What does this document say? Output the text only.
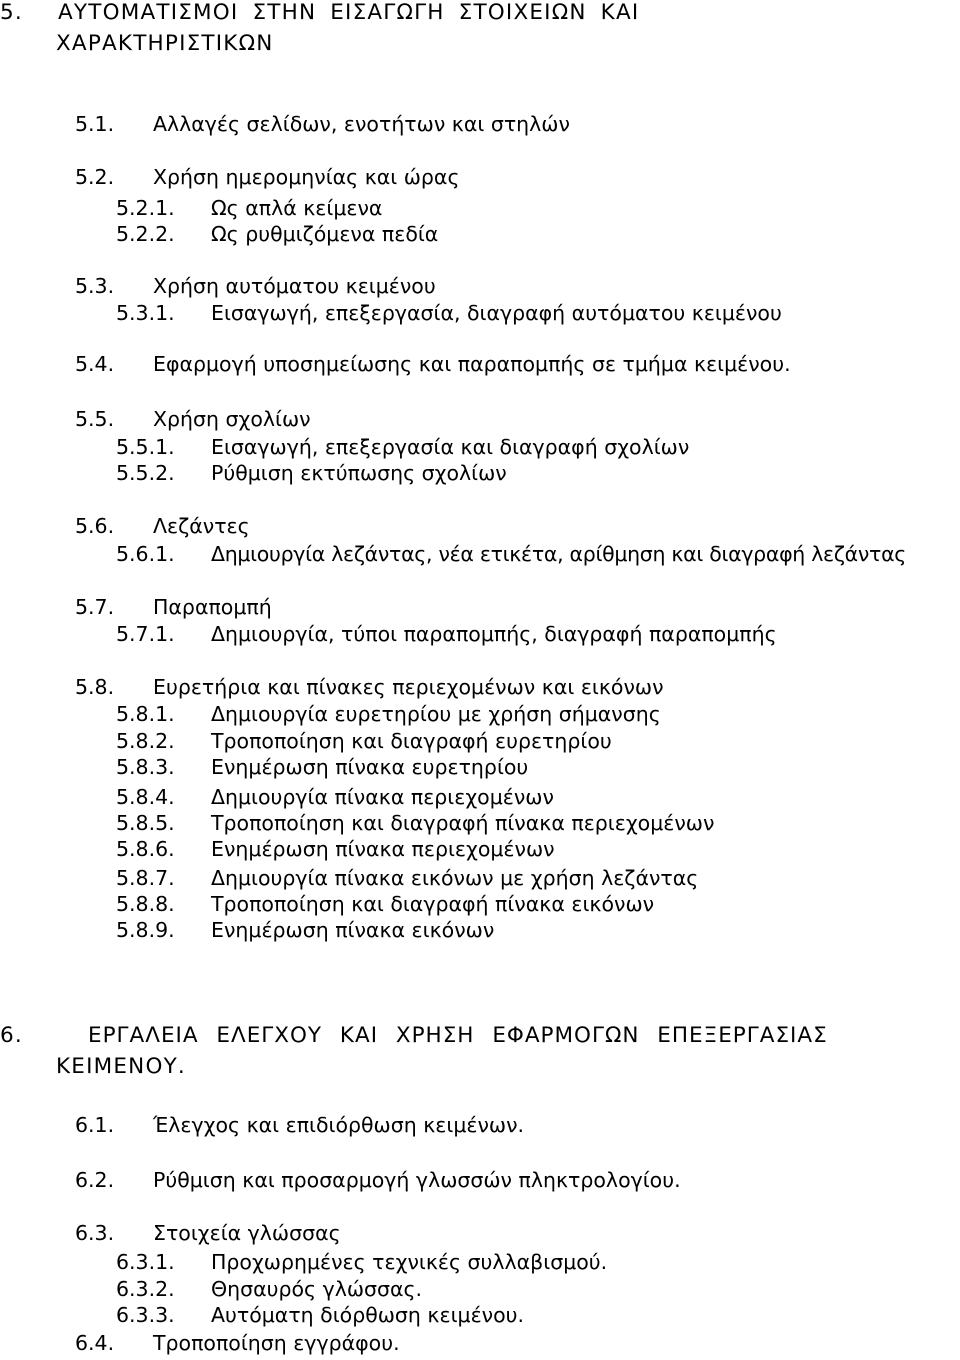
5. ΑΥΤΟΜΑΤΙΣΜΟΙ ΣΤΗΝ ΕΙΣΑΓΩΓΗ ΣΤΟΙΧΕΙΩΝ ΚΑΙ
ΧΑΡΑΚΤΗΡΙΣΤΙΚΩΝ
5.1. Αλλαγές σελίδων, ενοτήτων και στηλών
5.2. Χρήση ημερομηνίας και ώρας
5.2.1. Ως απλά κείμενα
5.2.2. Ως ρυθμιζόμενα πεδία
5.3. Χρήση αυτόματου κειμένου
5.3.1. Εισαγωγή, επεξεργασία, διαγραφή αυτόματου κειμένου
5.4. Εφαρμογή υποσημείωσης και παραπομπής σε τμήμα κειμένου.
5.5. Χρήση σχολίων
5.5.1. Εισαγωγή, επεξεργασία και διαγραφή σχολίων
5.5.2. Ρύθμιση εκτύπωσης σχολίων
5.6. Λεζάντες
5.6.1. Δημιουργία λεζάντας, νέα ετικέτα, αρίθμηση και διαγραφή λεζάντας
5.7. Παραπομπή
5.7.1. Δημιουργία, τύποι παραπομπής, διαγραφή παραπομπής
5.8. Ευρετήρια και πίνακες περιεχομένων και εικόνων
5.8.1. Δημιουργία ευρετηρίου με χρήση σήμανσης
5.8.2. Τροποποίηση και διαγραφή ευρετηρίου
5.8.3. Ενημέρωση πίνακα ευρετηρίου
5.8.4. Δημιουργία πίνακα περιεχομένων
5.8.5. Τροποποίηση και διαγραφή πίνακα περιεχομένων
5.8.6. Ενημέρωση πίνακα περιεχομένων
5.8.7. Δημιουργία πίνακα εικόνων με χρήση λεζάντας
5.8.8. Τροποποίηση και διαγραφή πίνακα εικόνων
5.8.9. Ενημέρωση πίνακα εικόνων
6.	ΕΡΓΑΛΕΙΑ ΕΛΕΓΧΟΥ ΚΑΙ ΧΡΗΣΗ ΕΦΑΡΜΟΓΩΝ ΕΠΕΞΕΡΓΑΣΙΑΣ
ΚΕΙΜΕΝΟΥ.
6.1. Έλεγχος και επιδιόρθωση κειμένων.
6.2. Ρύθμιση και προσαρμογή γλωσσών πληκτρολογίου.
6.3. Στοιχεία γλώσσας
6.3.1. Προχωρημένες τεχνικές συλλαβισμού.
6.3.2. Θησαυρός γλώσσας.
6.3.3. Αυτόματη διόρθωση κειμένου.
6.4. Τροποποίηση εγγράφου.
